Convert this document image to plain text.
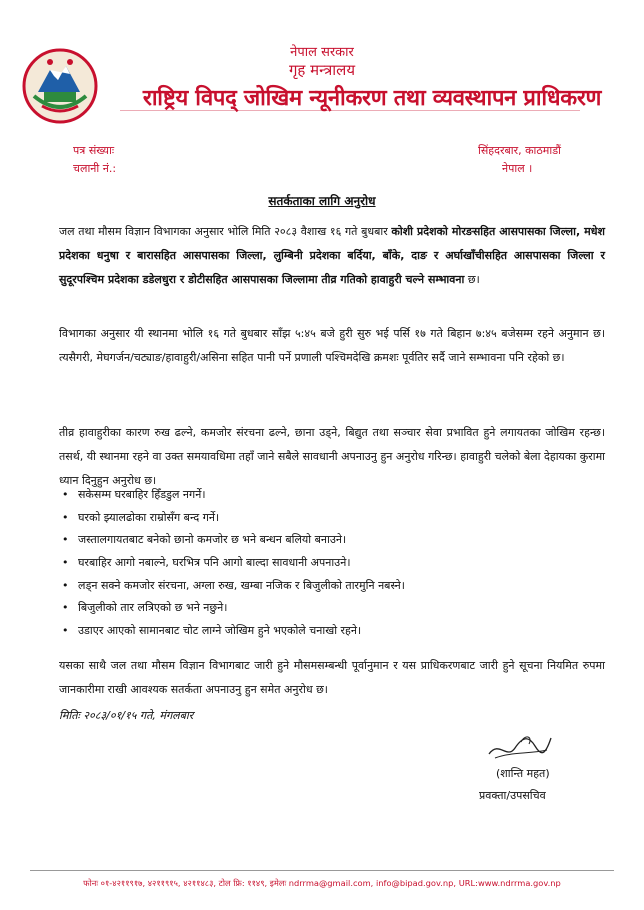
नेपाल सरकार
गृह मन्त्रालय
राष्ट्रिय विपद् जोखिम न्यूनीकरण तथा व्यवस्थापन प्राधिकरण
पत्र संख्याः
चलानी नं.:
सिंहदरबार, काठमाडौं
नेपाल ।
सतर्कताका लागि अनुरोध
जल तथा मौसम विज्ञान विभागका अनुसार भोलि मिति २०८३ वैशाख १६ गते बुधबार कोशी प्रदेशको मोरङसहित आसपासका जिल्ला, मधेश प्रदेशका धनुषा र बारासहित आसपासका जिल्ला, लुम्बिनी प्रदेशका बर्दिया, बाँके, दाङ र अर्घाखाँचीसहित आसपासका जिल्ला र सुदूरपश्चिम प्रदेशका डडेलधुरा र डोटीसहित आसपासका जिल्लामा तीव्र गतिको हावाहुरी चल्ने सम्भावना छ।
विभागका अनुसार यी स्थानमा भोलि १६ गते बुधबार साँझ ५:४५ बजे हुरी सुरु भई पर्सि १७ गते बिहान ७:४५ बजेसम्म रहने अनुमान छ। त्यसैगरी, मेघगर्जन/चट्याङ/हावाहुरी/असिना सहित पानी पर्ने प्रणाली पश्चिमदेखि क्रमशः पूर्वतिर सर्दै जाने सम्भावना पनि रहेको छ।
तीव्र हावाहुरीका कारण रुख ढल्ने, कमजोर संरचना ढल्ने, छाना उड्ने, बिद्युत तथा सञ्चार सेवा प्रभावित हुने लगायतका जोखिम रहन्छ। तसर्थ, यी स्थानमा रहने वा उक्त समयावधिमा तहाँ जाने सबैले सावधानी अपनाउनु हुन अनुरोध गरिन्छ। हावाहुरी चलेको बेला देहायका कुरामा ध्यान दिनुहुन अनुरोध छ।
• सकेसम्म घरबाहिर हिँडडुल नगर्ने।
• घरको झ्यालढोका राम्रोसँग बन्द गर्ने।
• जस्तालगायतबाट बनेको छानो कमजोर छ भने बन्धन बलियो बनाउने।
• घरबाहिर आगो नबाल्ने, घरभित्र पनि आगो बाल्दा सावधानी अपनाउने।
• लड्न सक्ने कमजोर संरचना, अग्ला रुख, खम्बा नजिक र बिजुलीको तारमुनि नबस्ने।
• बिजुलीको तार लत्रिएको छ भने नछुने।
• उडाएर आएको सामानबाट चोट लाग्ने जोखिम हुने भएकोले चनाखो रहने।
यसका साथै जल तथा मौसम विज्ञान विभागबाट जारी हुने मौसमसम्बन्धी पूर्वानुमान र यस प्राधिकरणबाट जारी हुने सूचना नियमित रुपमा जानकारीमा राखी आवश्यक सतर्कता अपनाउनु हुन समेत अनुरोध छ।
मितिः २०८३/०१/१५ गते, मंगलबार
(शान्ति महत)
प्रवक्ता/उपसचिव
फोनः ०१-४२११९१७, ४२११९१५, ४२११४८३, टोल फ्रि: ११४९, इमेलः ndrrma@gmail.com, info@bipad.gov.np, URL:www.ndrrma.gov.np
